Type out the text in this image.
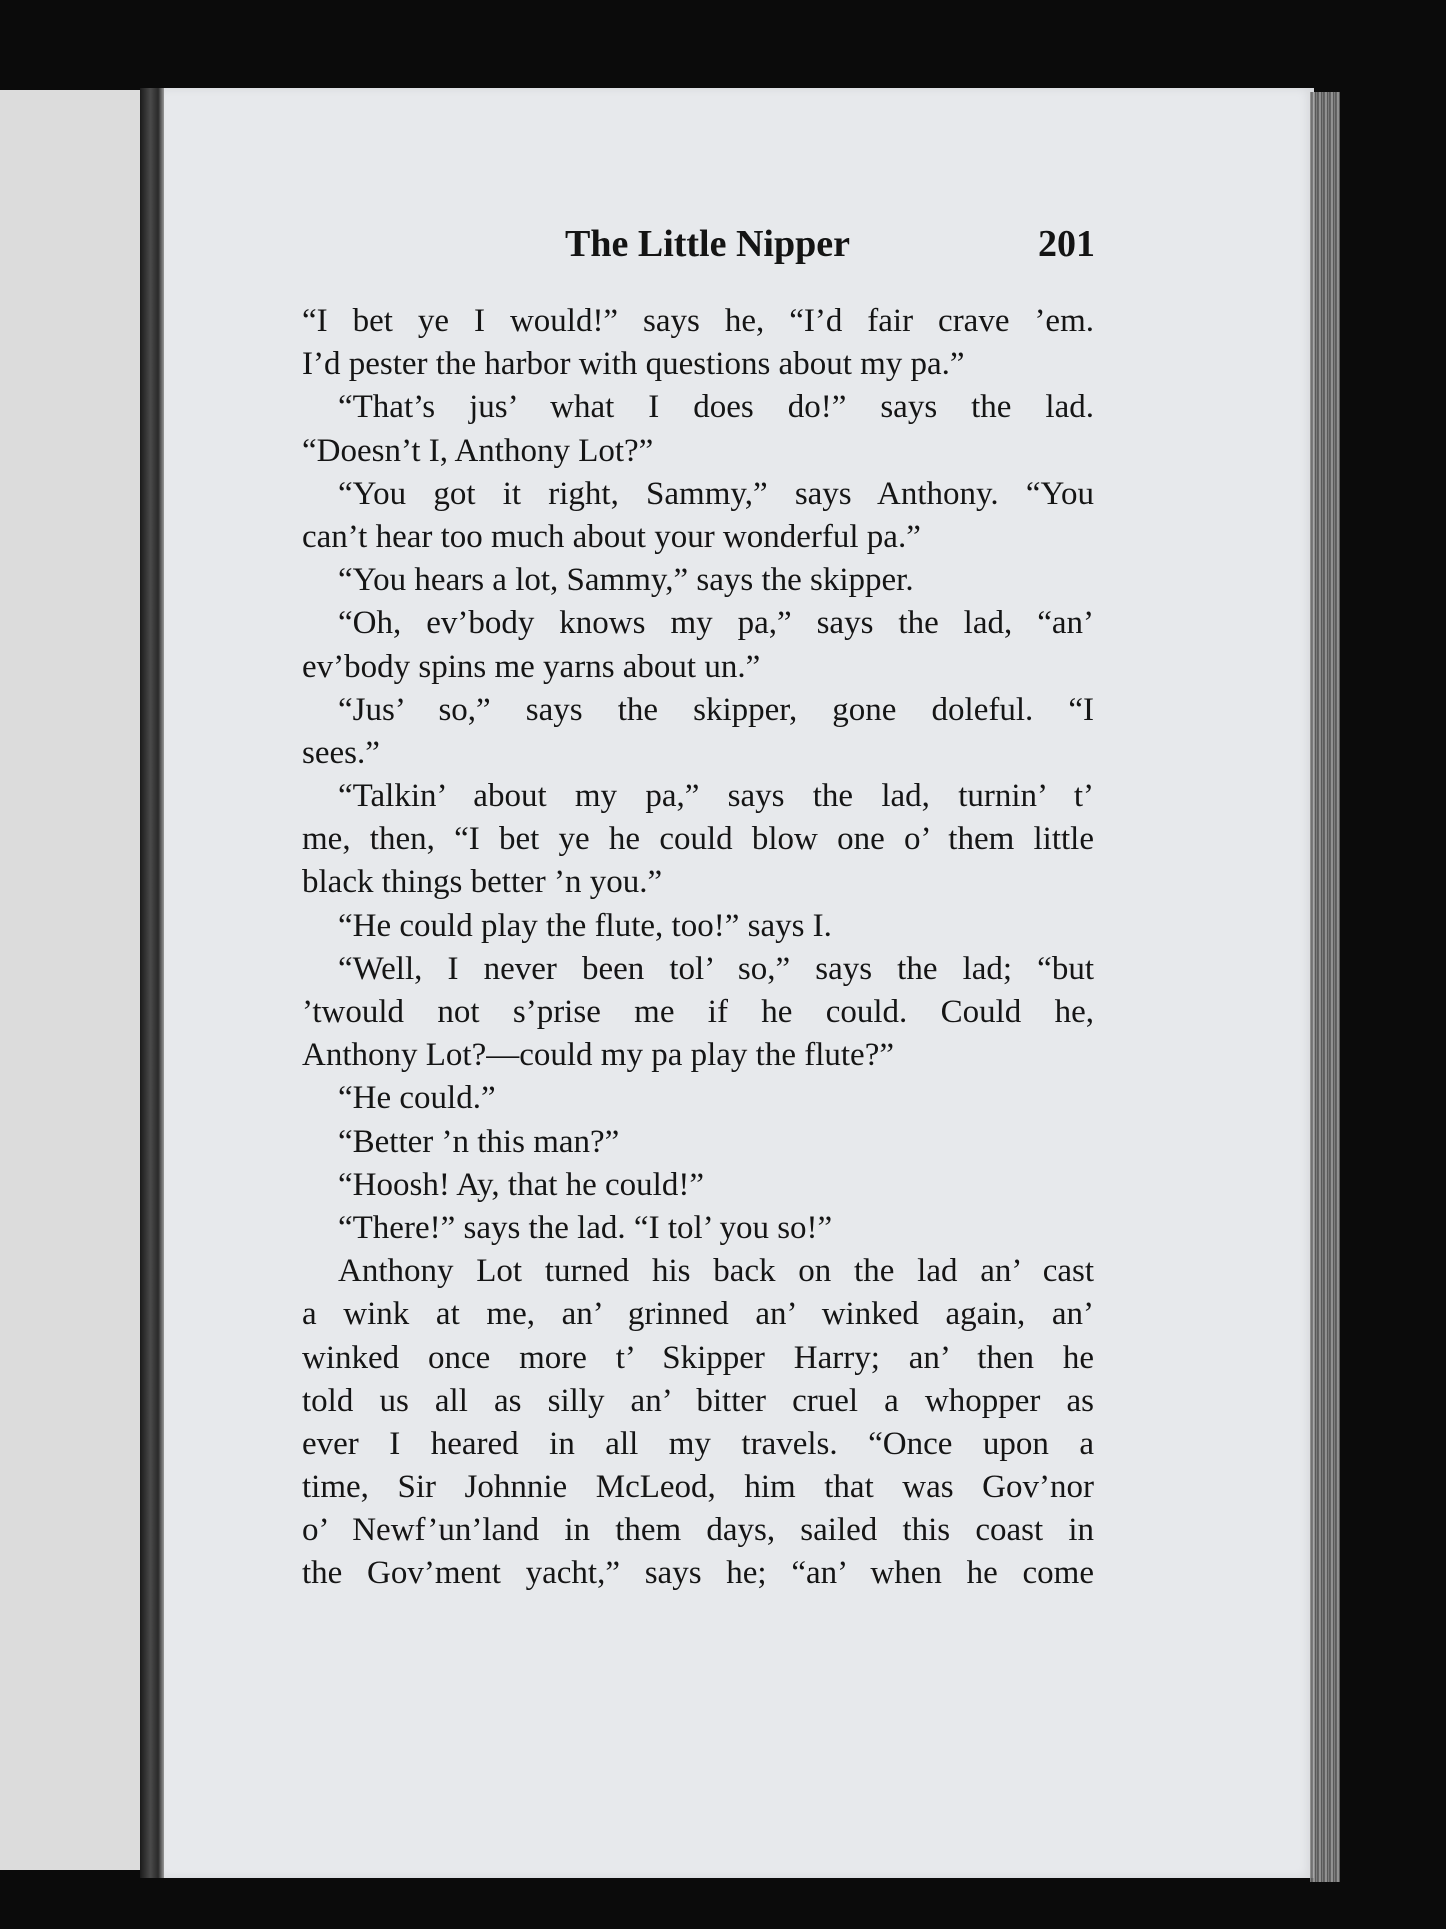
The Little Nipper	201
“I bet ye I would!” says he, “I’d fair crave ’em.
I’d pester the harbor with questions about my pa.”
“That’s jus’ what I does do!” says the lad.
“Doesn’t I, Anthony Lot?”
“You got it right, Sammy,” says Anthony. “You
can’t hear too much about your wonderful pa.”
“You hears a lot, Sammy,” says the skipper.
“Oh, ev’body knows my pa,” says the lad, “an’
ev’body spins me yarns about un.”
“Jus’ so,” says the skipper, gone doleful. “I
sees.”
“Talkin’ about my pa,” says the lad, turnin’ t’
me, then, “I bet ye he could blow one o’ them little
black things better ’n you.”
“He could play the flute, too!” says I.
“Well, I never been tol’ so,” says the lad; “but
’twould not s’prise me if he could. Could he,
Anthony Lot?—could my pa play the flute?”
“He could.”
“Better ’n this man?”
“Hoosh! Ay, that he could!”
“There!” says the lad. “I tol’ you so!”
Anthony Lot turned his back on the lad an’ cast
a wink at me, an’ grinned an’ winked again, an’
winked once more t’ Skipper Harry; an’ then he
told us all as silly an’ bitter cruel a whopper as
ever I heared in all my travels. “Once upon a
time, Sir Johnnie McLeod, him that was Gov’nor
o’ Newf’un’land in them days, sailed this coast in
the Gov’ment yacht,” says he; “an’ when he come
